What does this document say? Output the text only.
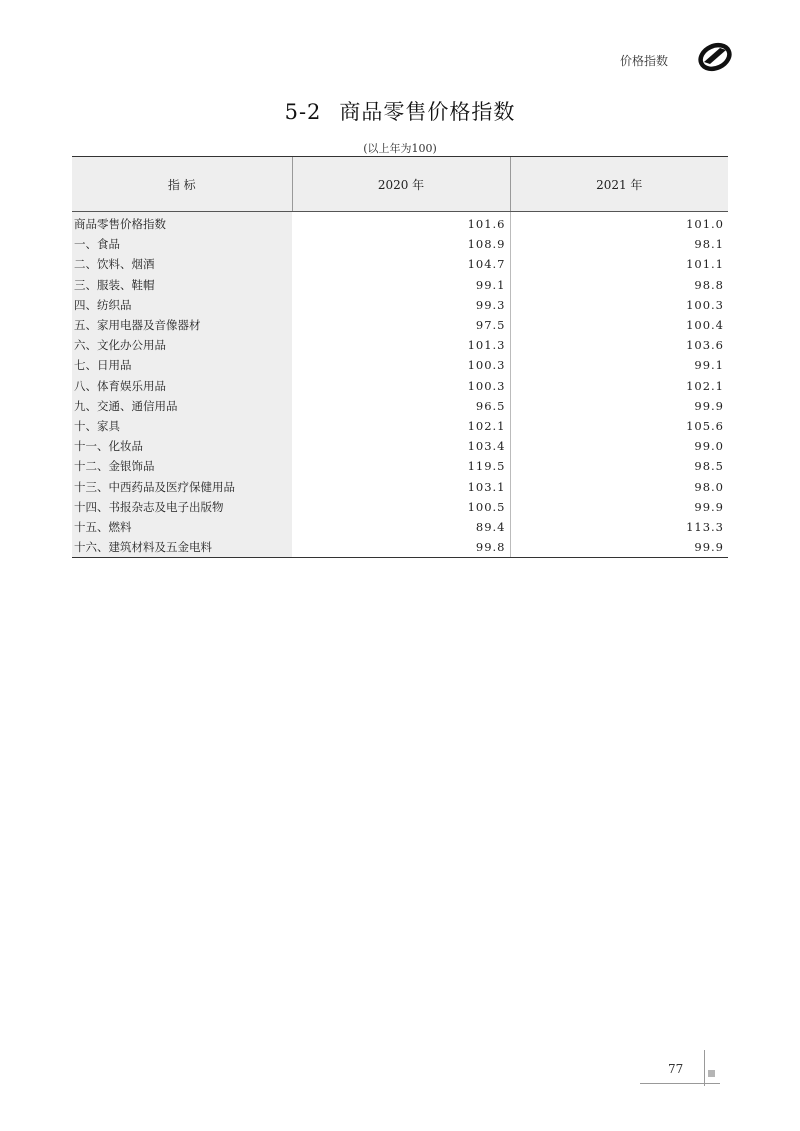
价格指数
5-2 商品零售价格指数
(以上年为100)
指 标	2020 年	2021 年
商品零售价格指数	101.6	101.0
一、食品	108.9	98.1
二、饮料、烟酒	104.7	101.1
三、服装、鞋帽	99.1	98.8
四、纺织品	99.3	100.3
五、家用电器及音像器材	97.5	100.4
六、文化办公用品	101.3	103.6
七、日用品	100.3	99.1
八、体育娱乐用品	100.3	102.1
九、交通、通信用品	96.5	99.9
十、家具	102.1	105.6
十一、化妆品	103.4	99.0
十二、金银饰品	119.5	98.5
十三、中西药品及医疗保健用品	103.1	98.0
十四、书报杂志及电子出版物	100.5	99.9
十五、燃料	89.4	113.3
十六、建筑材料及五金电料	99.8	99.9
77
